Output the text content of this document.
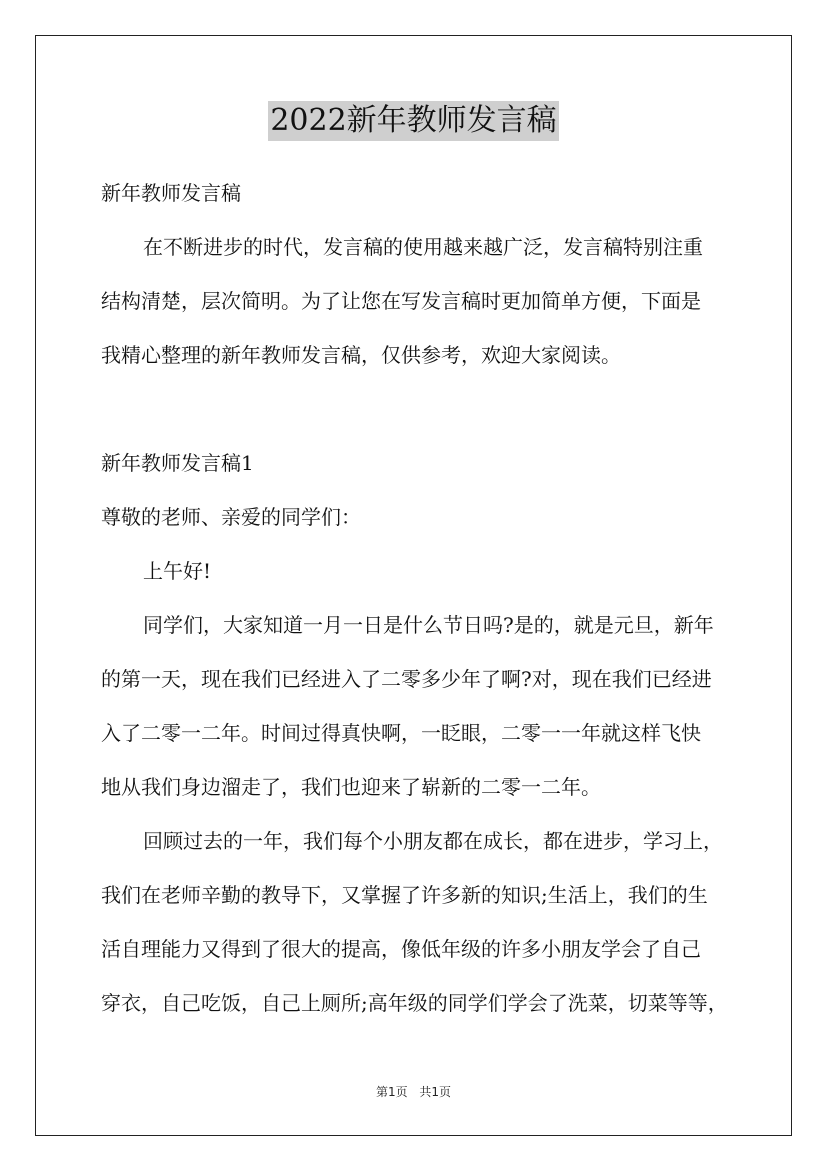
2022新年教师发言稿
新年教师发言稿
在不断进步的时代，发言稿的使用越来越广泛，发言稿特别注重
结构清楚，层次简明。为了让您在写发言稿时更加简单方便，下面是
我精心整理的新年教师发言稿，仅供参考，欢迎大家阅读。
新年教师发言稿1
尊敬的老师、亲爱的同学们：
上午好!
同学们，大家知道一月一日是什么节日吗?是的，就是元旦，新年
的第一天，现在我们已经进入了二零多少年了啊?对，现在我们已经进
入了二零一二年。时间过得真快啊，一眨眼，二零一一年就这样飞快
地从我们身边溜走了，我们也迎来了崭新的二零一二年。
回顾过去的一年，我们每个小朋友都在成长，都在进步，学习上，
我们在老师辛勤的教导下，又掌握了许多新的知识;生活上，我们的生
活自理能力又得到了很大的提高，像低年级的许多小朋友学会了自己
穿衣，自己吃饭，自己上厕所;高年级的同学们学会了洗菜，切菜等等，
第1页 共1页
